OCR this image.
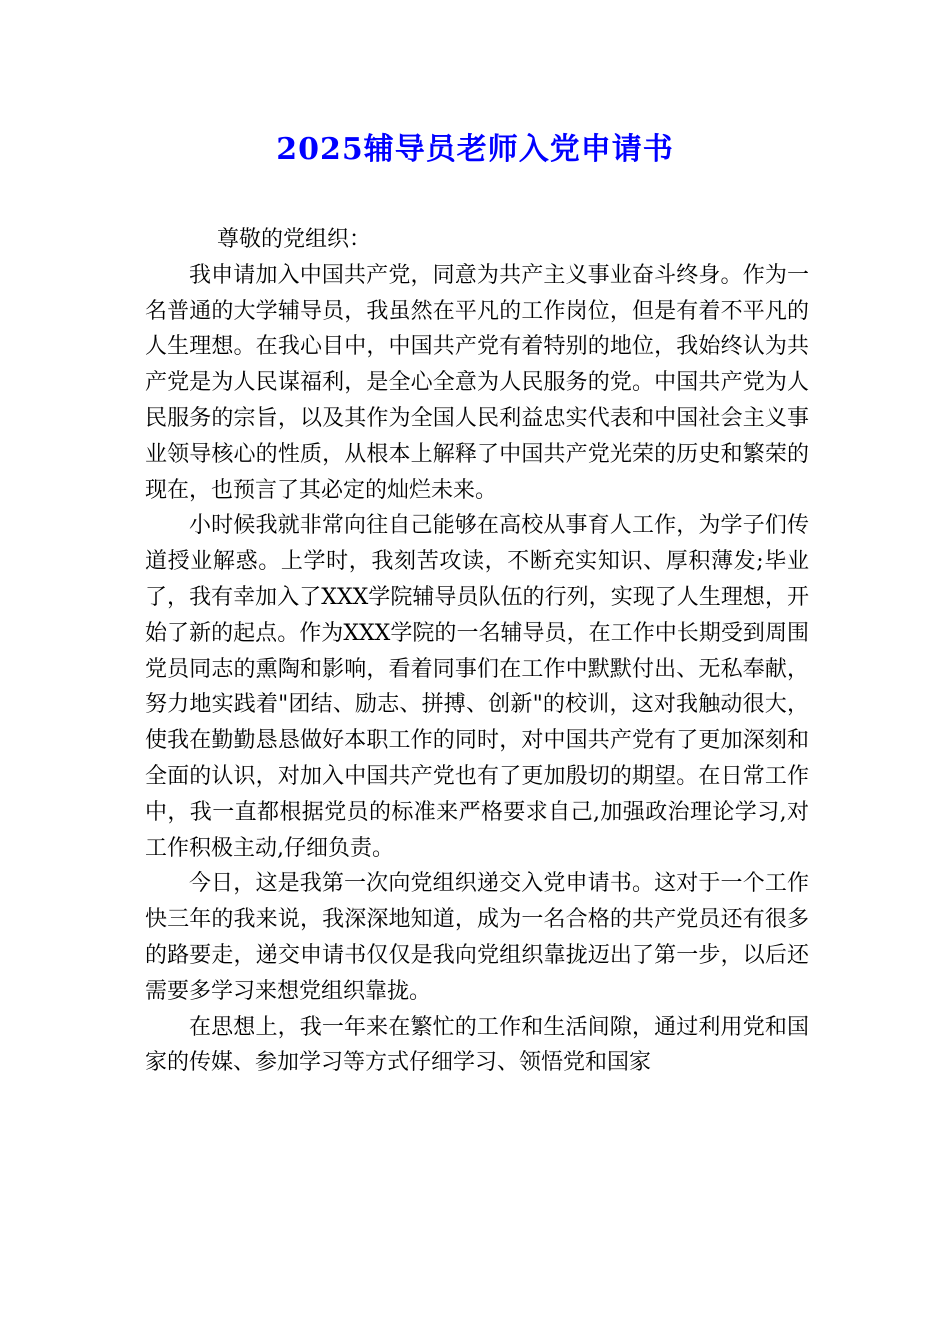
2025辅导员老师入党申请书

尊敬的党组织：

我申请加入中国共产党，同意为共产主义事业奋斗终身。作为一名普通的大学辅导员，我虽然在平凡的工作岗位，但是有着不平凡的人生理想。在我心目中，中国共产党有着特别的地位，我始终认为共产党是为人民谋福利，是全心全意为人民服务的党。中国共产党为人民服务的宗旨，以及其作为全国人民利益忠实代表和中国社会主义事业领导核心的性质，从根本上解释了中国共产党光荣的历史和繁荣的现在，也预言了其必定的灿烂未来。

小时候我就非常向往自己能够在高校从事育人工作，为学子们传道授业解惑。上学时，我刻苦攻读，不断充实知识、厚积薄发;毕业了，我有幸加入了XXX学院辅导员队伍的行列，实现了人生理想，开始了新的起点。作为XXX学院的一名辅导员，在工作中长期受到周围党员同志的熏陶和影响，看着同事们在工作中默默付出、无私奉献，努力地实践着"团结、励志、拼搏、创新"的校训，这对我触动很大，使我在勤勤恳恳做好本职工作的同时，对中国共产党有了更加深刻和全面的认识，对加入中国共产党也有了更加殷切的期望。在日常工作中，我一直都根据党员的标准来严格要求自己,加强政治理论学习,对工作积极主动,仔细负责。

今日，这是我第一次向党组织递交入党申请书。这对于一个工作快三年的我来说，我深深地知道，成为一名合格的共产党员还有很多的路要走，递交申请书仅仅是我向党组织靠拢迈出了第一步，以后还需要多学习来想党组织靠拢。

在思想上，我一年来在繁忙的工作和生活间隙，通过利用党和国家的传媒、参加学习等方式仔细学习、领悟党和国家
